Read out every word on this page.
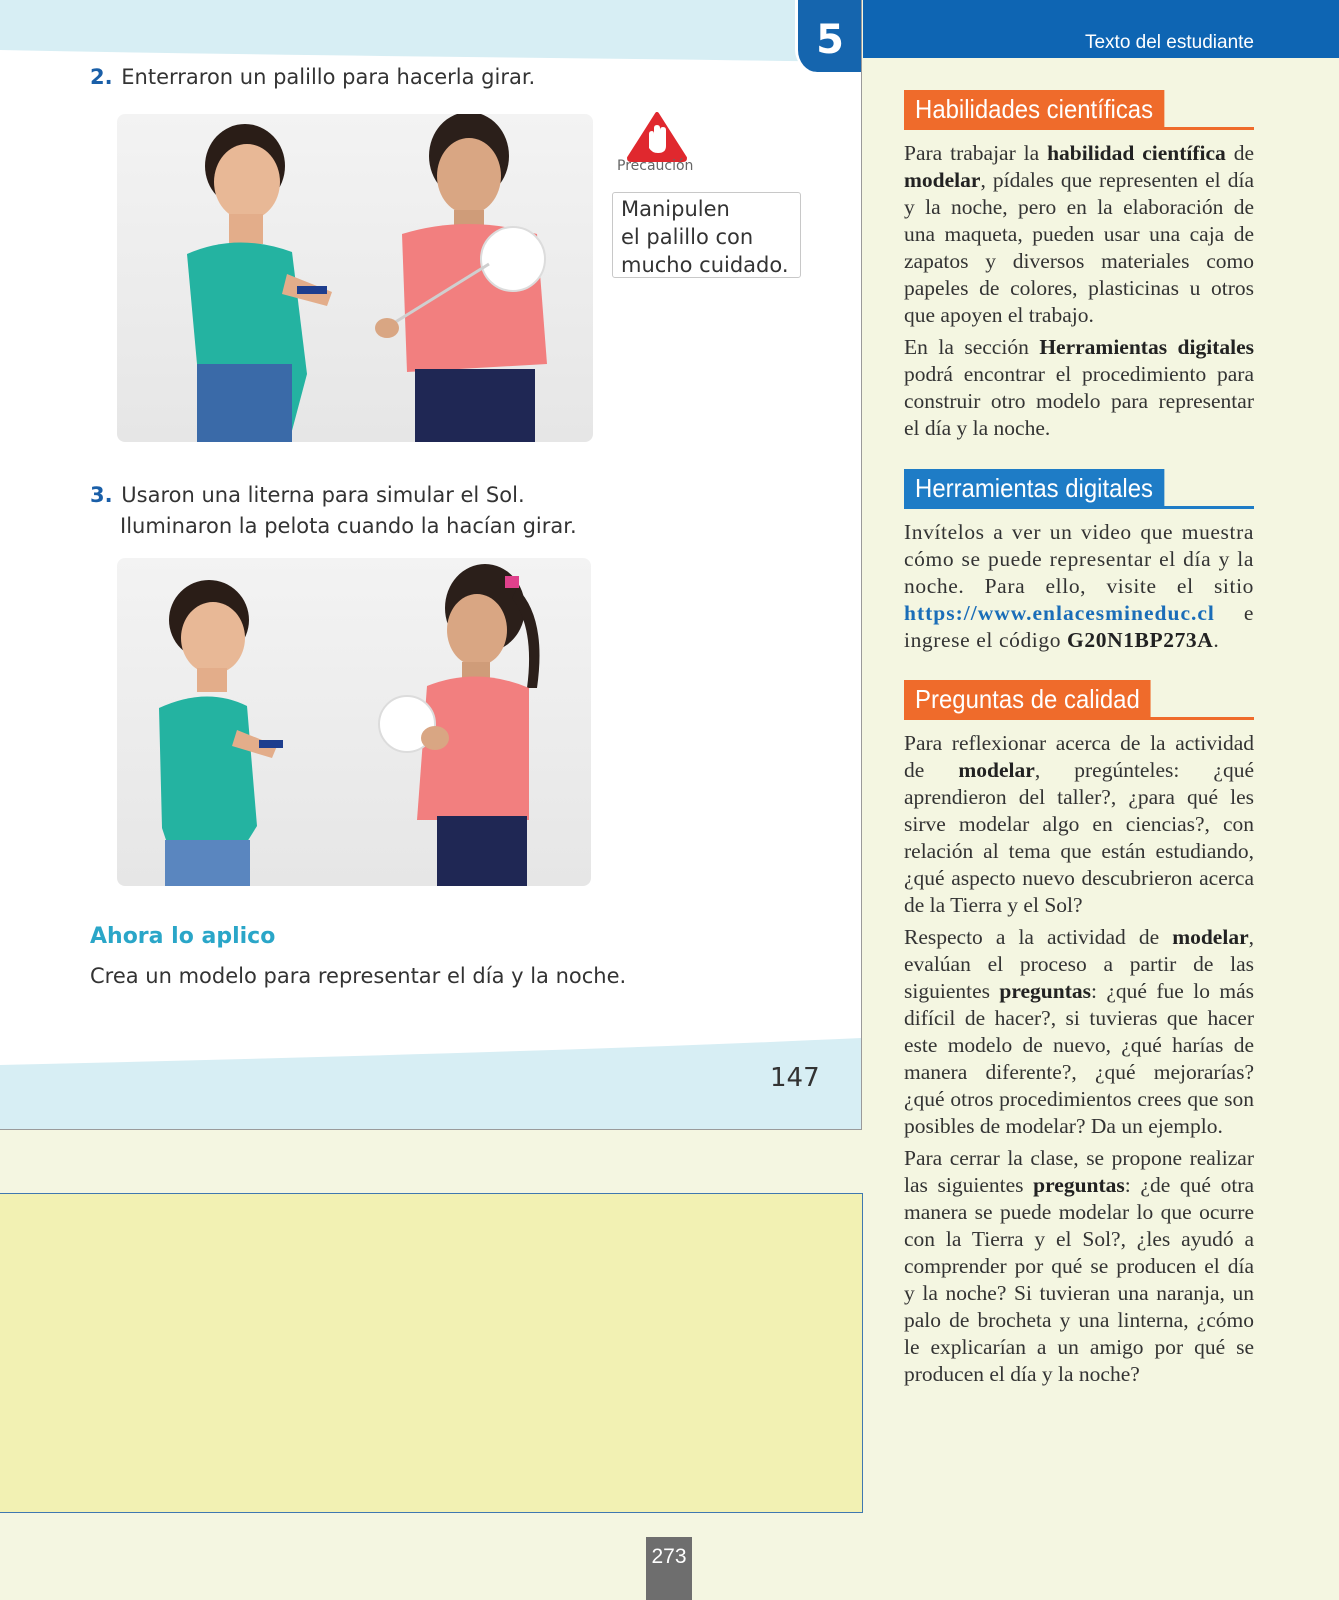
5
2. Enterraron un palillo para hacerla girar.
Precaución
Manipulen
el palillo con
mucho cuidado.
3. Usaron una literna para simular el Sol.
Iluminaron la pelota cuando la hacían girar.
Ahora lo aplico
Crea un modelo para representar el día y la noche.
147
Texto del estudiante
Habilidades científicas

Para trabajar la habilidad científica de modelar, pídales que representen el día y la noche, pero en la elaboración de una maqueta, pueden usar una caja de zapatos y diversos materiales como papeles de colores, plasticinas u otros que apoyen el trabajo.

En la sección Herramientas digitales podrá encontrar el procedimiento para construir otro modelo para representar el día y la noche.

Herramientas digitales

Invítelos a ver un video que muestra cómo se puede representar el día y la noche. Para ello, visite el sitio https://www.enlacesmineduc.cl e ingrese el código G20N1BP273A.

Preguntas de calidad

Para reflexionar acerca de la actividad de modelar, pregúnteles: ¿qué aprendieron del taller?, ¿para qué les sirve modelar algo en ciencias?, con relación al tema que están estudiando, ¿qué aspecto nuevo descubrieron acerca de la Tierra y el Sol?

Respecto a la actividad de modelar, evalúan el proceso a partir de las siguientes preguntas: ¿qué fue lo más difícil de hacer?, si tuvieras que hacer este modelo de nuevo, ¿qué harías de manera diferente?, ¿qué mejorarías? ¿qué otros procedimientos crees que son posibles de modelar? Da un ejemplo.

Para cerrar la clase, se propone realizar las siguientes preguntas: ¿de qué otra manera se puede modelar lo que ocurre con la Tierra y el Sol?, ¿les ayudó a comprender por qué se producen el día y la noche? Si tuvieran una naranja, un palo de brocheta y una linterna, ¿cómo le explicarían a un amigo por qué se producen el día y la noche?

273
